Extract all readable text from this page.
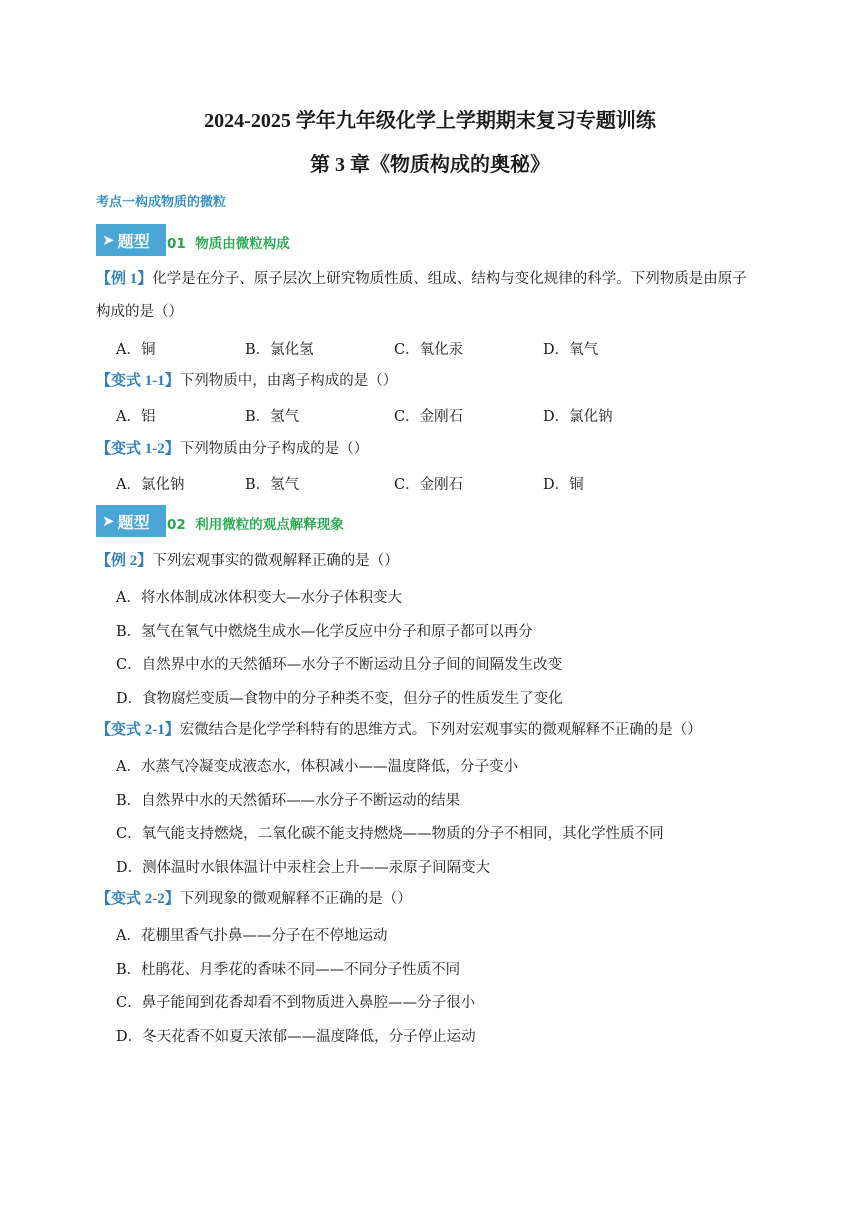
2024-2025 学年九年级化学上学期期末复习专题训练
第 3 章《物质构成的奥秘》
考点一构成物质的微粒
➤ 题型 01 物质由微粒构成
【例 1】化学是在分子、原子层次上研究物质性质、组成、结构与变化规律的科学。下列物质是由原子
构成的是（）
A．铜	B．氯化氢	C．氧化汞	D．氧气
【变式 1-1】下列物质中，由离子构成的是（）
A．铝	B．氢气	C．金刚石	D．氯化钠
【变式 1-2】下列物质由分子构成的是（）
A．氯化钠	B．氢气	C．金刚石	D．铜
➤ 题型 02 利用微粒的观点解释现象
【例 2】下列宏观事实的微观解释正确的是（）
A．将水体制成冰体积变大—水分子体积变大
B．氢气在氧气中燃烧生成水—化学反应中分子和原子都可以再分
C．自然界中水的天然循环—水分子不断运动且分子间的间隔发生改变
D．食物腐烂变质—食物中的分子种类不变，但分子的性质发生了变化
【变式 2-1】宏微结合是化学学科特有的思维方式。下列对宏观事实的微观解释不正确的是（）
A．水蒸气冷凝变成液态水，体积减小——温度降低，分子变小
B．自然界中水的天然循环——水分子不断运动的结果
C．氧气能支持燃烧，二氧化碳不能支持燃烧——物质的分子不相同，其化学性质不同
D．测体温时水银体温计中汞柱会上升——汞原子间隔变大
【变式 2-2】下列现象的微观解释不正确的是（）
A．花棚里香气扑鼻——分子在不停地运动
B．杜鹃花、月季花的香味不同——不同分子性质不同
C．鼻子能闻到花香却看不到物质进入鼻腔——分子很小
D．冬天花香不如夏天浓郁——温度降低，分子停止运动
